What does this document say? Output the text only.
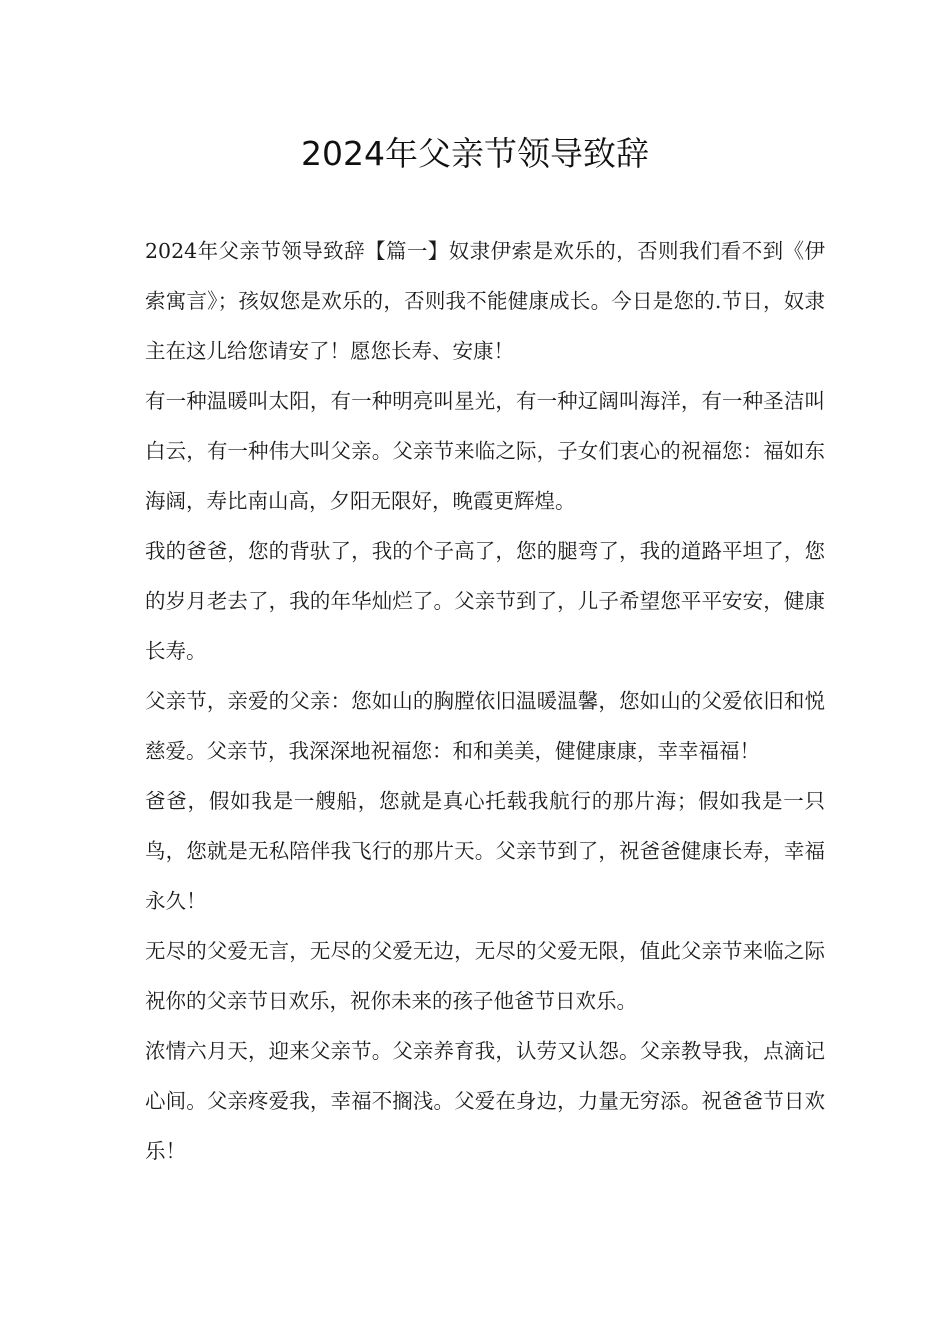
2024年父亲节领导致辞

2024年父亲节领导致辞【篇一】奴隶伊索是欢乐的，否则我们看不到《伊索寓言》；孩奴您是欢乐的，否则我不能健康成长。今日是您的.节日，奴隶主在这儿给您请安了！愿您长寿、安康！

有一种温暖叫太阳，有一种明亮叫星光，有一种辽阔叫海洋，有一种圣洁叫白云，有一种伟大叫父亲。父亲节来临之际，子女们衷心的祝福您：福如东海阔，寿比南山高，夕阳无限好，晚霞更辉煌。

我的爸爸，您的背驮了，我的个子高了，您的腿弯了，我的道路平坦了，您的岁月老去了，我的年华灿烂了。父亲节到了，儿子希望您平平安安，健康长寿。

父亲节，亲爱的父亲：您如山的胸膛依旧温暖温馨，您如山的父爱依旧和悦慈爱。父亲节，我深深地祝福您：和和美美，健健康康，幸幸福福！

爸爸，假如我是一艘船，您就是真心托载我航行的那片海；假如我是一只鸟，您就是无私陪伴我飞行的那片天。父亲节到了，祝爸爸健康长寿，幸福永久！

无尽的父爱无言，无尽的父爱无边，无尽的父爱无限，值此父亲节来临之际祝你的父亲节日欢乐，祝你未来的孩子他爸节日欢乐。

浓情六月天，迎来父亲节。父亲养育我，认劳又认怨。父亲教导我，点滴记心间。父亲疼爱我，幸福不搁浅。父爱在身边，力量无穷添。祝爸爸节日欢乐！
